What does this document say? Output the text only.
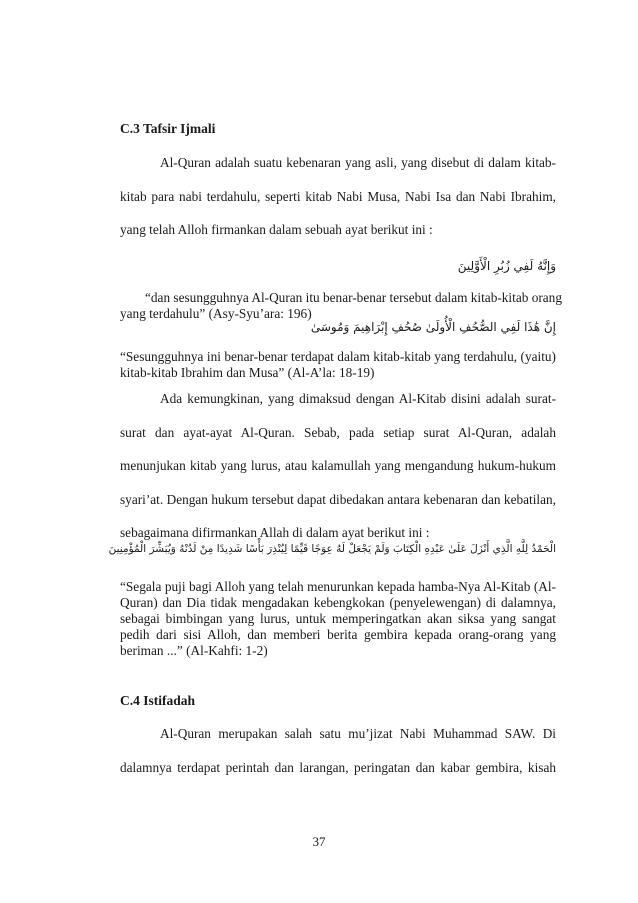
C.3 Tafsir Ijmali
Al-Quran adalah suatu kebenaran yang asli, yang disebut di dalam kitab-
kitab para nabi terdahulu, seperti kitab Nabi Musa, Nabi Isa dan Nabi Ibrahim,
yang telah Alloh firmankan dalam sebuah ayat berikut ini :
وَإِنَّهُ لَفِي زُبُرِ الْأَوَّلِينَ
“dan sesungguhnya Al-Quran itu benar-benar tersebut dalam kitab-kitab orang
yang terdahulu” (Asy-Syu’ara: 196)
إِنَّ هَٰذَا لَفِي الصُّحُفِ الْأُولَىٰ صُحُفِ إِبْرَاهِيمَ وَمُوسَىٰ
“Sesungguhnya ini benar-benar terdapat dalam kitab-kitab yang terdahulu, (yaitu)
kitab-kitab Ibrahim dan Musa” (Al-A’la: 18-19)
Ada kemungkinan, yang dimaksud dengan Al-Kitab disini adalah surat-
surat dan ayat-ayat Al-Quran. Sebab, pada setiap surat Al-Quran, adalah
menunjukan kitab yang lurus, atau kalamullah yang mengandung hukum-hukum
syari’at. Dengan hukum tersebut dapat dibedakan antara kebenaran dan kebatilan,
sebagaimana difirmankan Allah di dalam ayat berikut ini :
الْحَمْدُ لِلَّهِ الَّذِي أَنْزَلَ عَلَىٰ عَبْدِهِ الْكِتَابَ وَلَمْ يَجْعَلْ لَهُ عِوَجًا قَيِّمًا لِيُنْذِرَ بَأْسًا شَدِيدًا مِنْ لَدُنْهُ وَيُبَشِّرَ الْمُؤْمِنِينَ
“Segala puji bagi Alloh yang telah menurunkan kepada hamba-Nya Al-Kitab (Al-
Quran) dan Dia tidak mengadakan kebengkokan (penyelewengan) di dalamnya,
sebagai bimbingan yang lurus, untuk memperingatkan akan siksa yang sangat
pedih dari sisi Alloh, dan memberi berita gembira kepada orang-orang yang
beriman ...” (Al-Kahfi: 1-2)
C.4 Istifadah
Al-Quran merupakan salah satu mu’jizat Nabi Muhammad SAW. Di
dalamnya terdapat perintah dan larangan, peringatan dan kabar gembira, kisah
37
